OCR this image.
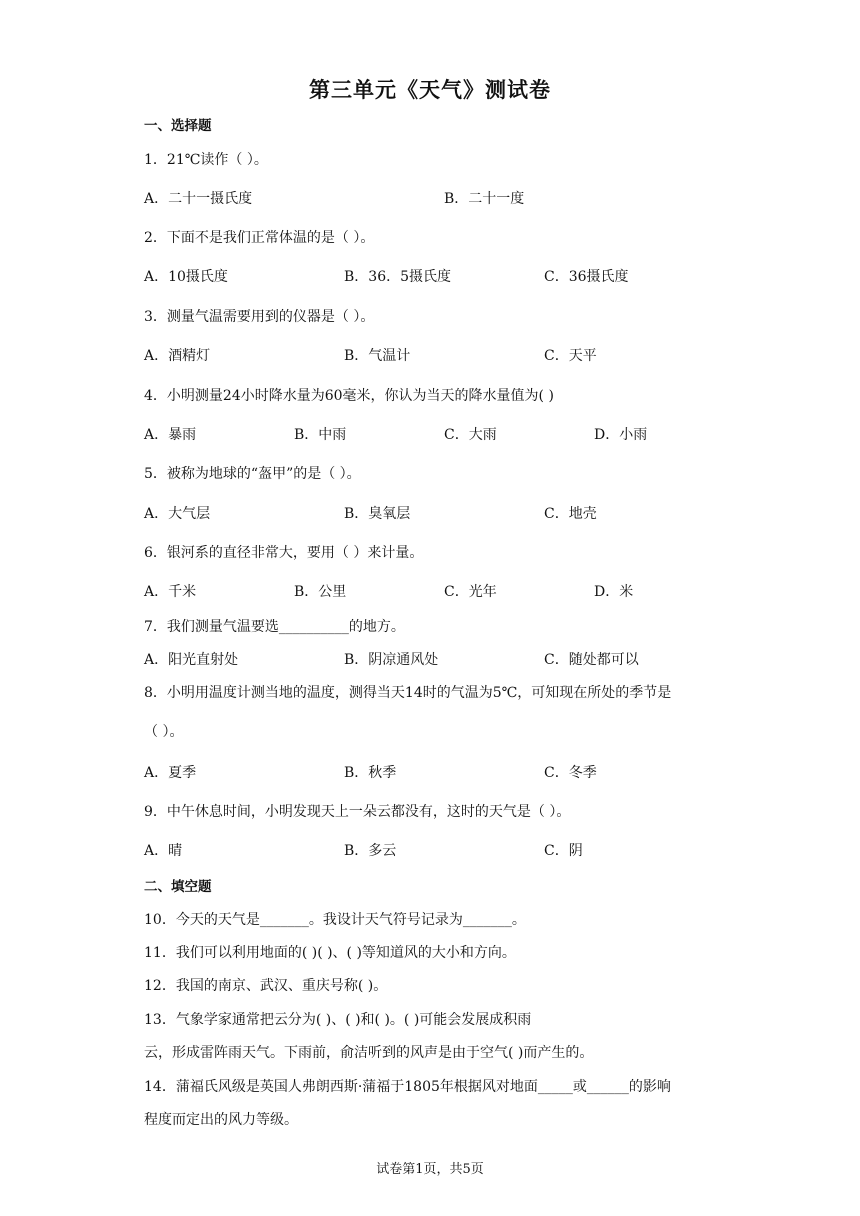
第三单元《天气》测试卷
一、选择题
1．21℃读作（ ）。
A．二十一摄氏度	B．二十一度
2．下面不是我们正常体温的是（ ）。
A．10摄氏度	B．36．5摄氏度	C．36摄氏度
3．测量气温需要用到的仪器是（ ）。
A．酒精灯	B．气温计	C．天平
4．小明测量24小时降水量为60毫米，你认为当天的降水量值为( )
A．暴雨	B．中雨	C．大雨	D．小雨
5．被称为地球的“盔甲”的是（ ）。
A．大气层	B．臭氧层	C．地壳
6．银河系的直径非常大，要用（ ）来计量。
A．千米	B．公里	C．光年	D．米
7．我们测量气温要选__________的地方。
A．阳光直射处	B．阴凉通风处	C．随处都可以
8．小明用温度计测当地的温度，测得当天14时的气温为5℃，可知现在所处的季节是
（ ）。
A．夏季	B．秋季	C．冬季
9．中午休息时间，小明发现天上一朵云都没有，这时的天气是（ ）。
A．晴	B．多云	C．阴
二、填空题
10．今天的天气是_______。我设计天气符号记录为_______。
11．我们可以利用地面的( )( )、( )等知道风的大小和方向。
12．我国的南京、武汉、重庆号称( )。
13．气象学家通常把云分为( )、( )和( )。( )可能会发展成积雨
云，形成雷阵雨天气。下雨前，俞洁听到的风声是由于空气( )而产生的。
14．蒲福氏风级是英国人弗朗西斯·蒲福于1805年根据风对地面_____或______的影响
程度而定出的风力等级。
试卷第1页，共5页
